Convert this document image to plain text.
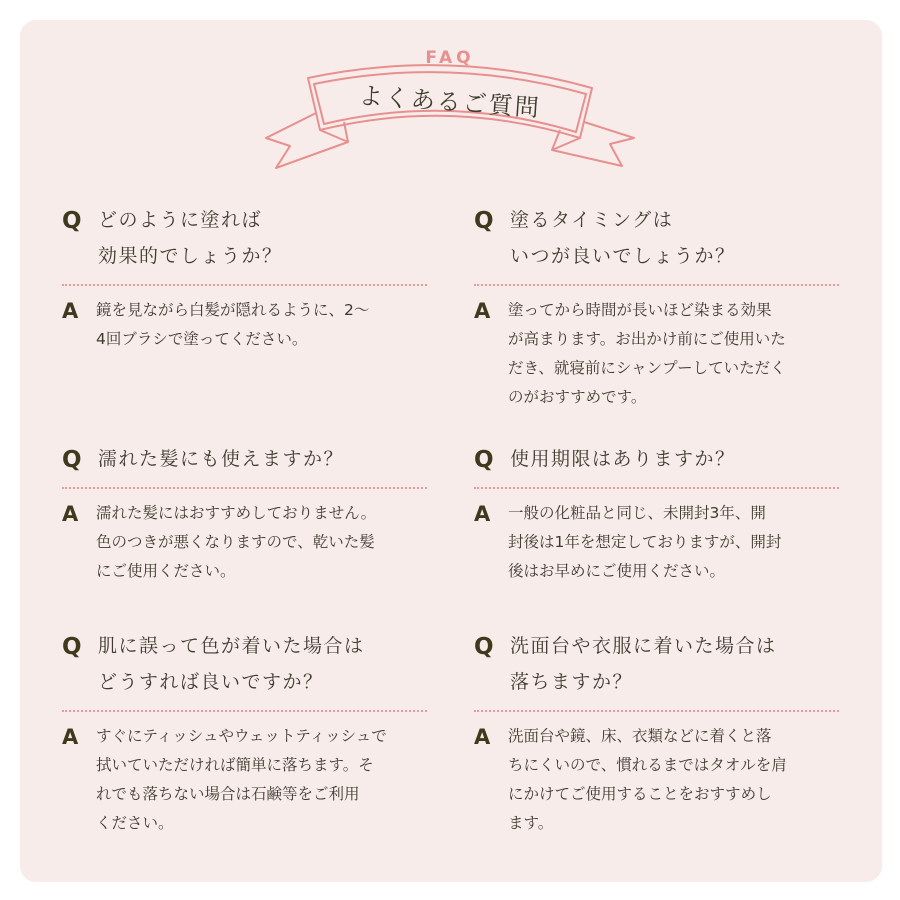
FAQ
よくあるご質問
Q どのように塗れば
効果的でしょうか？
A 鏡を見ながら白髪が隠れるように、2〜
4回ブラシで塗ってください。
Q 塗るタイミングは
いつが良いでしょうか？
A 塗ってから時間が長いほど染まる効果
が高まります。お出かけ前にご使用いた
だき、就寝前にシャンプーしていただく
のがおすすめです。
Q 濡れた髪にも使えますか？
A 濡れた髪にはおすすめしておりません。
色のつきが悪くなりますので、乾いた髪
にご使用ください。
Q 使用期限はありますか？
A 一般の化粧品と同じ、未開封3年、開
封後は1年を想定しておりますが、開封
後はお早めにご使用ください。
Q 肌に誤って色が着いた場合は
どうすれば良いですか？
A すぐにティッシュやウェットティッシュで
拭いていただければ簡単に落ちます。そ
れでも落ちない場合は石鹸等をご利用
ください。
Q 洗面台や衣服に着いた場合は
落ちますか？
A 洗面台や鏡、床、衣類などに着くと落
ちにくいので、慣れるまではタオルを肩
にかけてご使用することをおすすめし
ます。
